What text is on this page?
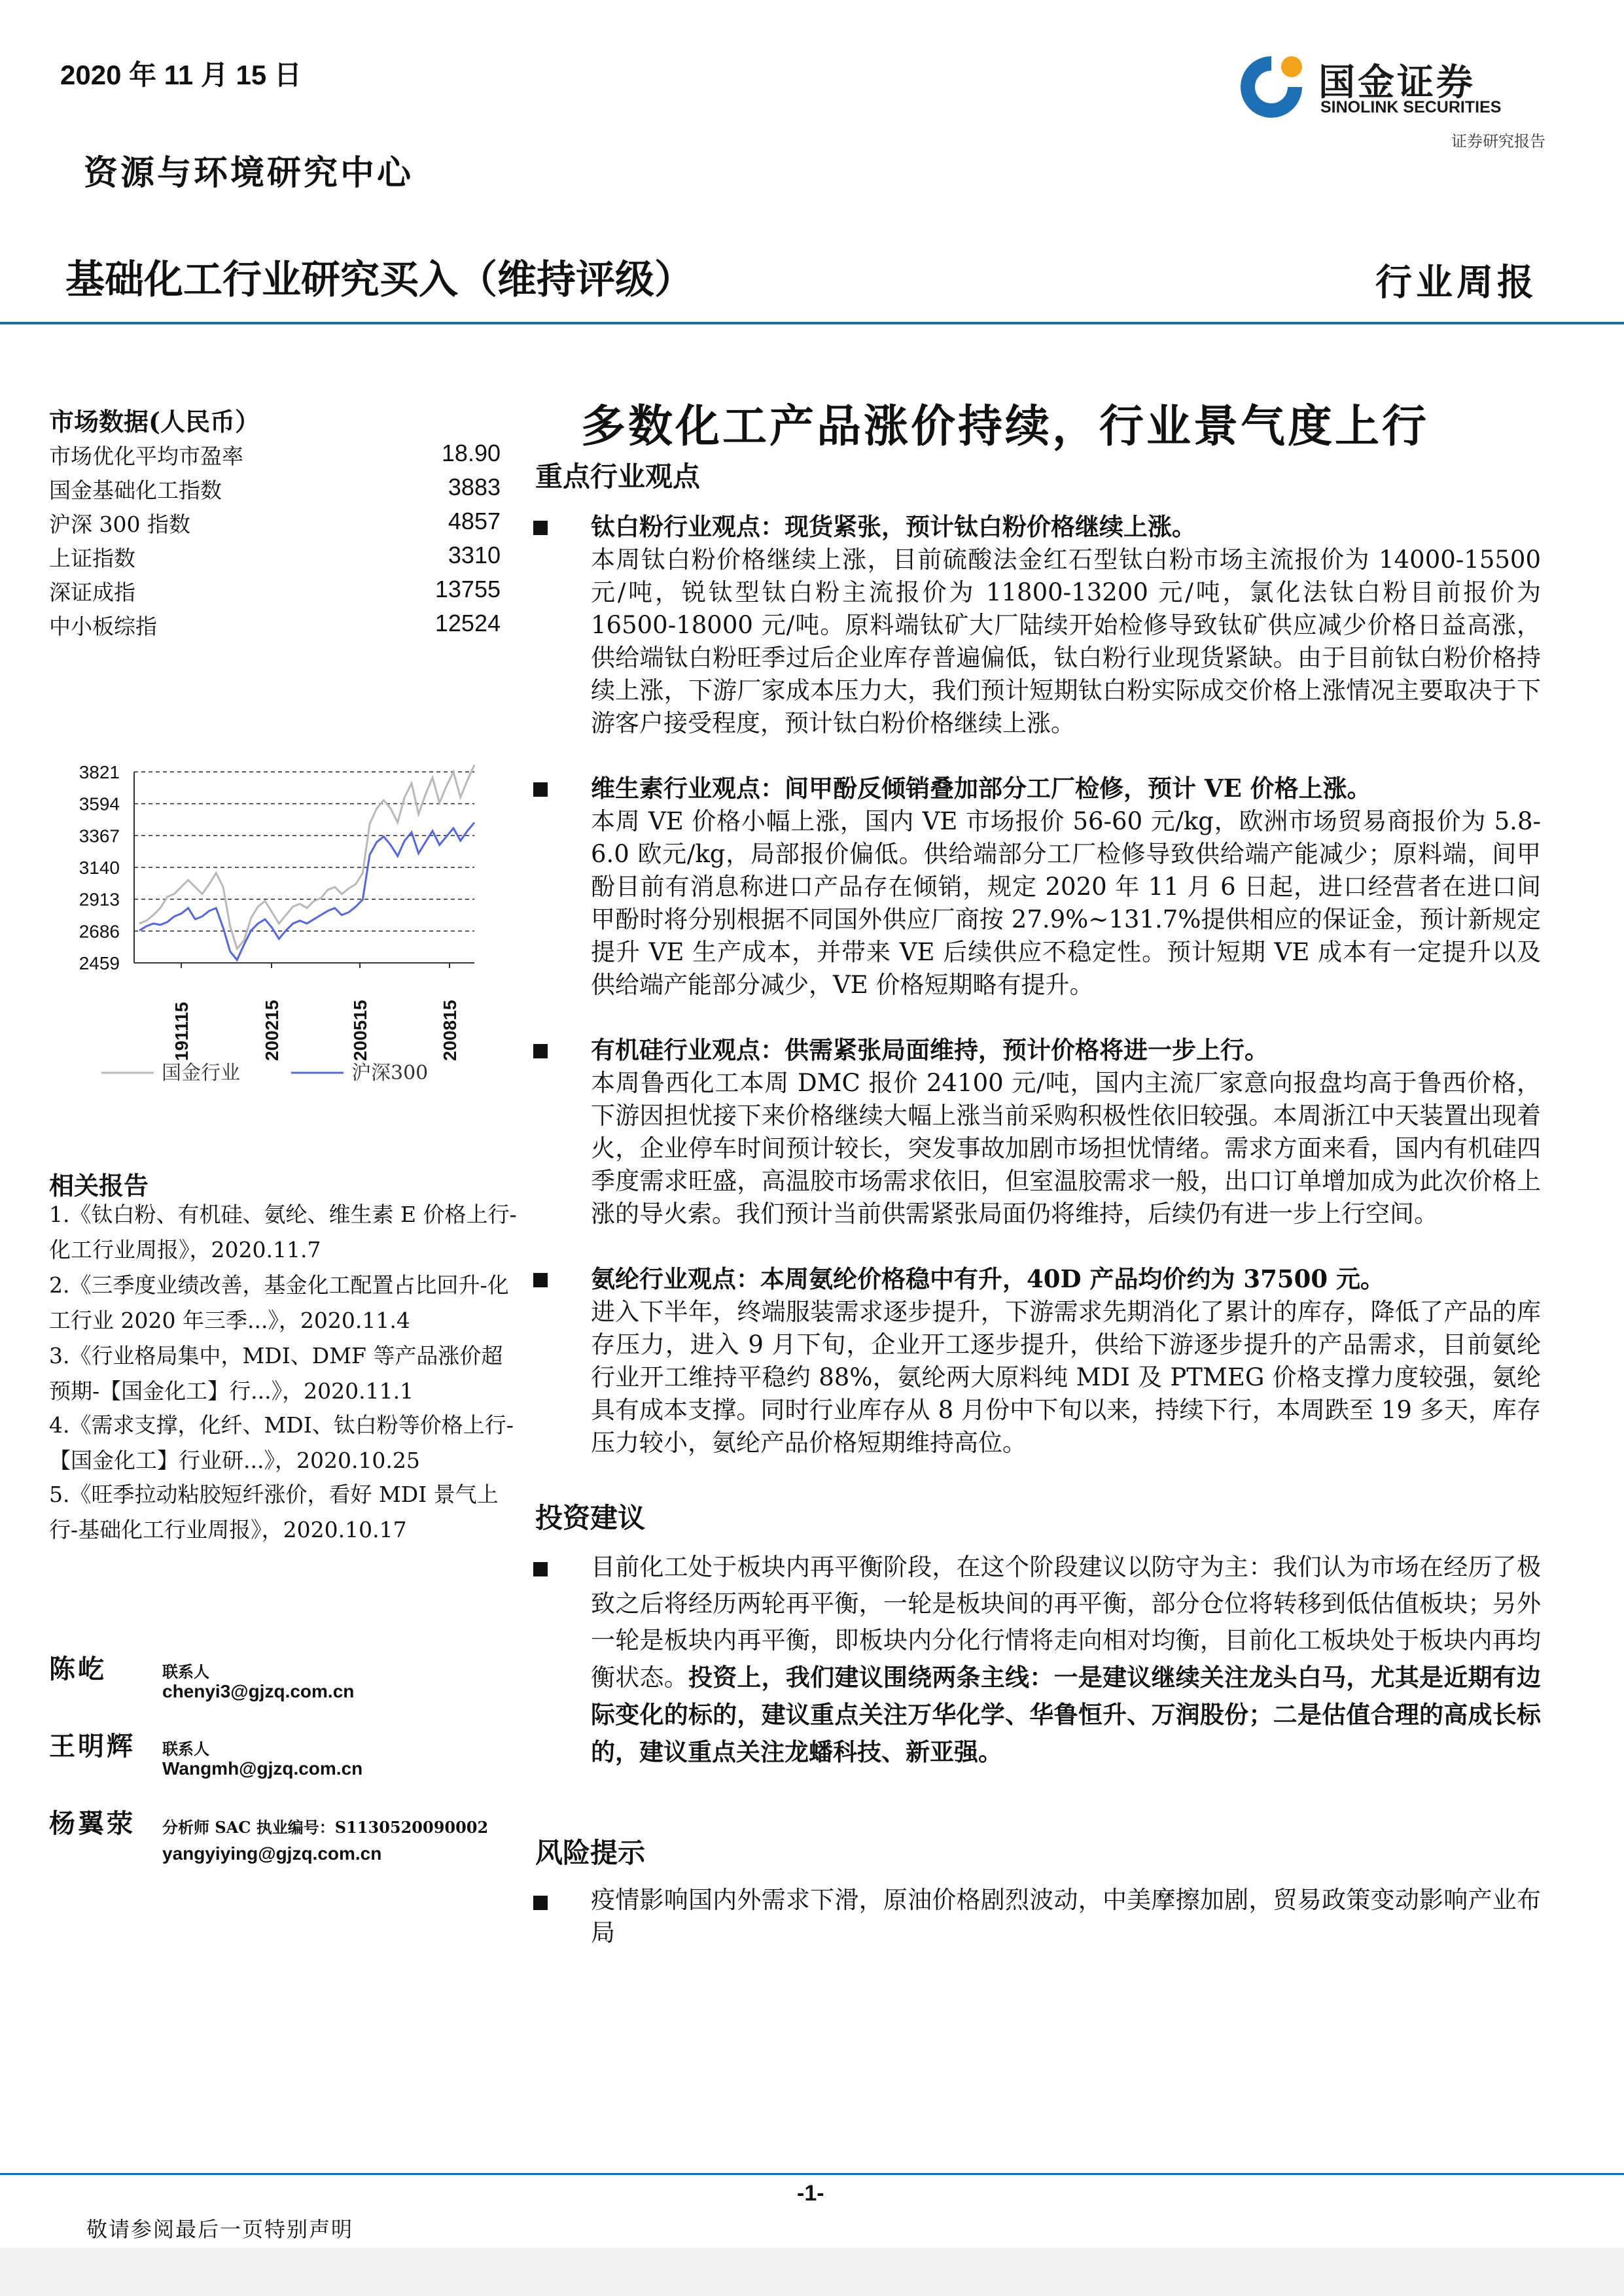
2020 年 11 月 15 日
资源与环境研究中心
基础化工行业研究买入（维持评级）	行业周报
国金证券
SINOLINK SECURITIES
证券研究报告
市场数据(人民币）
市场优化平均市盈率	18.90
国金基础化工指数	3883
沪深 300 指数	4857
上证指数	3310
深证成指	13755
中小板综指	12524
3821
3594
3367
3140
2913
2686
2459
191115	200215	200515	200815
国金行业	沪深300
相关报告
1.《钛白粉、有机硅、氨纶、维生素 E 价格上行-化工行业周报》，2020.11.7
2.《三季度业绩改善，基金化工配置占比回升-化工行业 2020 年三季...》，2020.11.4
3.《行业格局集中，MDI、DMF 等产品涨价超预期-【国金化工】行...》，2020.11.1
4.《需求支撑，化纤、MDI、钛白粉等价格上行-【国金化工】行业研...》，2020.10.25
5.《旺季拉动粘胶短纤涨价，看好 MDI 景气上行-基础化工行业周报》，2020.10.17
陈屹	联系人
chenyi3@gjzq.com.cn
王明辉 联系人
Wangmh@gjzq.com.cn
杨翼荥 分析师 SAC 执业编号：S1130520090002
yangyiying@gjzq.com.cn
多数化工产品涨价持续，行业景气度上行
重点行业观点
钛白粉行业观点：现货紧张，预计钛白粉价格继续上涨。
本周钛白粉价格继续上涨，目前硫酸法金红石型钛白粉市场主流报价为 14000-15500 元/吨，锐钛型钛白粉主流报价为 11800-13200 元/吨，氯化法钛白粉目前报价为 16500-18000 元/吨。原料端钛矿大厂陆续开始检修导致钛矿供应减少价格日益高涨，供给端钛白粉旺季过后企业库存普遍偏低，钛白粉行业现货紧缺。由于目前钛白粉价格持续上涨，下游厂家成本压力大，我们预计短期钛白粉实际成交价格上涨情况主要取决于下游客户接受程度，预计钛白粉价格继续上涨。
维生素行业观点：间甲酚反倾销叠加部分工厂检修，预计 VE 价格上涨。
本周 VE 价格小幅上涨，国内 VE 市场报价 56-60 元/kg，欧洲市场贸易商报价为 5.8-6.0 欧元/kg，局部报价偏低。供给端部分工厂检修导致供给端产能减少；原料端，间甲酚目前有消息称进口产品存在倾销，规定 2020 年 11 月 6 日起，进口经营者在进口间甲酚时将分别根据不同国外供应厂商按 27.9%~131.7%提供相应的保证金，预计新规定提升 VE 生产成本，并带来 VE 后续供应不稳定性。预计短期 VE 成本有一定提升以及供给端产能部分减少，VE 价格短期略有提升。
有机硅行业观点：供需紧张局面维持，预计价格将进一步上行。
本周鲁西化工本周 DMC 报价 24100 元/吨，国内主流厂家意向报盘均高于鲁西价格，下游因担忧接下来价格继续大幅上涨当前采购积极性依旧较强。本周浙江中天装置出现着火，企业停车时间预计较长，突发事故加剧市场担忧情绪。需求方面来看，国内有机硅四季度需求旺盛，高温胶市场需求依旧，但室温胶需求一般，出口订单增加成为此次价格上涨的导火索。我们预计当前供需紧张局面仍将维持，后续仍有进一步上行空间。
氨纶行业观点：本周氨纶价格稳中有升，40D 产品均价约为 37500 元。
进入下半年，终端服装需求逐步提升，下游需求先期消化了累计的库存，降低了产品的库存压力，进入 9 月下旬，企业开工逐步提升，供给下游逐步提升的产品需求，目前氨纶行业开工维持平稳约 88%，氨纶两大原料纯 MDI 及 PTMEG 价格支撑力度较强，氨纶具有成本支撑。同时行业库存从 8 月份中下旬以来，持续下行，本周跌至 19 多天，库存压力较小，氨纶产品价格短期维持高位。
投资建议
目前化工处于板块内再平衡阶段，在这个阶段建议以防守为主：我们认为市场在经历了极致之后将经历两轮再平衡，一轮是板块间的再平衡，部分仓位将转移到低估值板块；另外一轮是板块内再平衡，即板块内分化行情将走向相对均衡，目前化工板块处于板块内再均衡状态。投资上，我们建议围绕两条主线：一是建议继续关注龙头白马，尤其是近期有边际变化的标的，建议重点关注万华化学、华鲁恒升、万润股份；二是估值合理的高成长标的，建议重点关注龙蟠科技、新亚强。
风险提示
疫情影响国内外需求下滑，原油价格剧烈波动，中美摩擦加剧，贸易政策变动影响产业布局
-1-
敬请参阅最后一页特别声明
